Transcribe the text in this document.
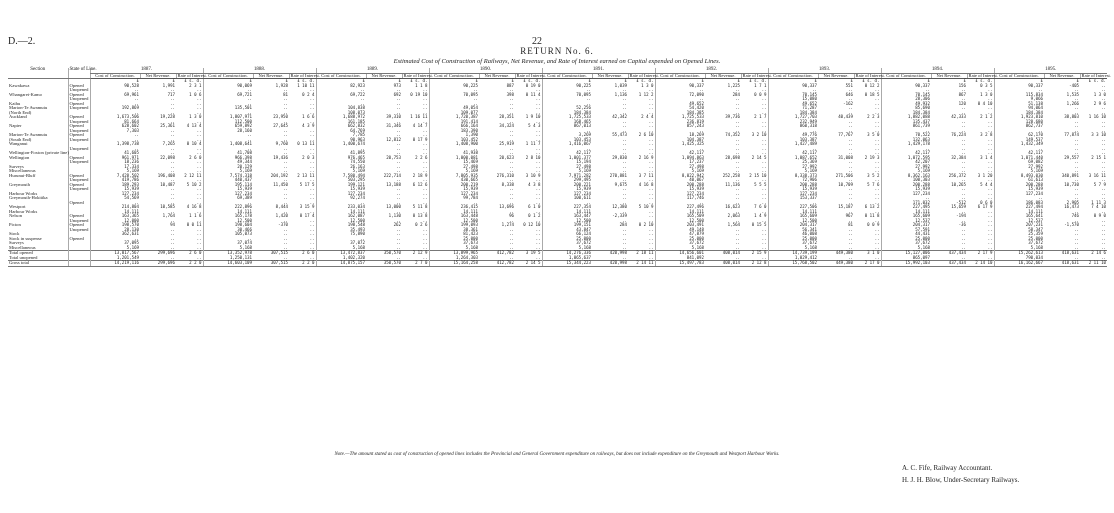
D.—2.	22
RETURN No. 6.
Estimated Cost of Construction of Railways, Net Revenue, and Rate of Interest earned on Capital expended on Opened Lines.
Section	State of Line.	1887.			1888.			1889.			1890.			1891.			1892.			1893.			1894.			1895.		
		Cost of Construction.	Net Revenue.	Rate of Interest.	Cost of Construction.	Net Revenue.	Rate of Interest.	Cost of Construction.	Net Revenue.	Rate of Interest.	Cost of Construction.	Net Revenue.	Rate of Interest.	Cost of Construction.	Net Revenue.	Rate of Interest.	Cost of Construction.	Net Revenue.	Rate of Interest.	Cost of Construction.	Net Revenue.	Rate of Interest.	Cost of Construction.	Net Revenue.	Rate of Interest.	Cost of Construction.	Net Revenue.	Rate of Interest.
		£	£	£ s. d.	£	£	£ s. d.	£	£	£ s. d.	£	£	£ s. d.	£	£	£ s. d.	£	£	£ s. d.	£	£	£ s. d.	£	£	£ s. d.	£	£	£ s. d.
Kawakawa	Opened	90,528	1,991	2 3 1	90,069	1,928	1 10 11	82,923	973	1 1 8	90,225	887	0 19 0	90,225	1,039	1 3 0	90,337	1,225	1 7 1	90,337	551	0 12 2	90,337	156	0 3 5	90,337	-405	..
	Unopened	..	..	..	..	..	..	..	..	..	..	..	..	..	..	..	..	..	..	..	..	..	..	..	..	..	..	..
Whangarei-Kamo	Opened	69,961	717	1 0 6	69,721	81	0 2 4	69,722	692	0 19 10	70,095	398	0 11 4	70,095	1,136	1 12 2	72,090	284	0 0 9	70,145	646	0 18 5	70,145	867	1 3 0	115,834	1,535	1 3 0
	Unopened	..	..	..	..	..	..	..	..	..	..	..	..	..	..	..	..	..	..	15,080	..	..	28,306	..	..	9,066	..	..
Kaihu	Opened	..	..	..	..	..	..	..	..	..	..	..	..	..	..	..	49,652	..	..	49,652	-162	..	49,932	120	0 4 10	51,138	1,266	2 9 6
Marton-Te Awamutu	Unopened	192,869	..	..	135,501	..	..	104,838	..	..	49,054	..	..	52,256	..	..	54,420	..	..	71,287	..	..	85,690	..	..	94,064	..	..
(North End)		..	..	..	..	..	..	108,073	..	..	109,077	..	..	184,384	..	..	184,385	..	..	184,384	..	..	184,384	..	..	184,384	..	..
Auckland	Opened	1,673,506	19,228	1 3 0	1,807,971	23,950	1 6 6	1,688,972	39,310	1 16 11	1,720,387	28,351	1 9 10	1,725,533	42,342	2 4 4	1,725,533	39,736	2 1 7	1,727,703	40,439	2 2 3	1,882,088	42,333	2 1 2	1,923,810	38,803	1 16 10
	Unopened	81,664	..	..	112,500	..	..	161,185	..	..	191,414	..	..	168,465	..	..	236,819	..	..	232,949	..	..	135,437	..	..	128,680	..	..
Napier	Opened	628,602	25,361	4 13 4	659,892	27,645	4 3 9	662,832	31,346	4 14 7	666,164	34,324	5 4 3	867,013	..	..	857,243	..	..	860,318	..	..	861,739	..	..	862,737	..	..
	Unopened	7,303	..	..	28,160	..	..	64,769	..	..	183,390	..	..	..	..	..	..	..	..	..	..	..	..	..	..	..	..	..
Marton-Te Awamutu	Opened	..	..	..	..	..	..	7,785	..	..	1,390	..	..	3,269	55,473	2 6 10	18,269	74,352	3 2 10	49,776	77,767	3 5 0	70,522	76,224	3 2 8	62,170	77,874	3 3 10
(South End)	Unopened	..	..	..	..	..	..	90,963	12,812	0 17 9	103,452	..	..	103,453	..	..	104,387	..	..	103,387	..	..	132,063	..	..	149,537	..	..
Wanganui		1,398,738	7,265	0 10 4	1,408,641	9,760	0 13 11	1,400,674	..	..	1,408,900	25,919	1 11 7	1,416,067	..	..	1,425,325	..	..	1,427,489	..	..	1,429,178	..	..	1,432,349	..	..
	Unopened	..	..	..	..	..	..	..	..	..	..	..	..	..	..	..	..	..	..	..	..	..	..	..	..	..	..	..
Wellington-Foxton (private line)		41,605	..	..	41,708	..	..	41,895	..	..	41,938	..	..	42,117	..	..	42,117	..	..	42,117	..	..	42,117	..	..	42,117	..	..
Wellington	Opened	961,971	22,098	2 6 0	966,398	19,436	2 0 3	976,465	20,753	2 2 6	1,000,081	20,623	2 8 10	1,001,377	29,830	2 16 9	1,094,863	28,698	2 14 5	1,087,652	31,008	2 19 3	1,072,595	32,384	3 1 4	1,071,440	29,557	2 15 1
	Unopened	18,236	..	..	49,344	..	..	74,550	..	..	15,469	..	..	15,194	..	..	17,237	..	..	25,369	..	..	42,207	..	..	69,082	..	..
Surveys		17,334	..	..	20,129	..	..	26,163	..	..	27,498	..	..	27,498	..	..	27,498	..	..	27,992	..	..	27,992	..	..	27,992	..	..
Miscellaneous		5,169	..	..	5,169	..	..	5,169	..	..	5,169	..	..	5,169	..	..	5,169	..	..	5,169	..	..	5,169	..	..	5,169	..	..
Hurunui-Bluff	Opened	7,428,502	196,408	2 12 11	7,574,318	204,192	2 13 11	7,580,494	222,714	2 18 9	7,805,935	276,310	3 10 9	7,971,282	270,881	3 7 11	8,022,942	252,258	2 15 10	8,338,373	271,506	3 5 2	8,362,163	256,372	3 1 20	8,493,030	340,891	3 16 11
	Unopened	419,786	..	..	440,437	..	..	503,295	..	..	430,665	..	..	299,495	..	..	40,067	..	..	72,906	..	..	100,303	..	..	61,613	..	..
Greymouth	Opened	189,293	10,487	5 10 2	195,114	11,450	5 17 5	199,121	13,188	6 12 6	200,219	8,338	4 3 8	200,221	9,675	4 16 8	200,288	11,136	5 5 5	200,288	10,709	5 7 6	200,288	10,265	5 4 4	200,288	10,730	5 7 9
	Unopened	15,939	..	..	15,939	..	..	15,939	..	..	15,939	..	..	15,939	..	..	15,939	..	..	15,939	..	..	15,939	..	..	15,939	..	..
Harbour Works		127,234	..	..	127,234	..	..	127,234	..	..	127,234	..	..	127,234	..	..	127,234	..	..	127,234	..	..	127,234	..	..	127,234	..	..
Greymouth-Hokitika		54,569	..	..	69,389	..	..	92,274	..	..	99,784	..	..	100,611	..	..	117,746	..	..	153,337	..	..	..	..	..	..	..	..
	Opened	..	..	..	..	..	..	..	..	..	..	..	..	..	..	..	..	..	..	..	..	..	171,032	-512	0 6 0	186,083	2,905	1 11 3
Westport		214,804	10,585	4 16 8	222,896	8,444	3 15 9	233,034	13,000	5 11 8	236,415	13,696	6 1 0	227,354	12,380	5 10 9	227,496	16,623	7 6 0	227,506	15,187	6 13 2	227,495	15,659	6 17 9	227,494	16,473	7 4 10
Harbour Works		14,111	..	..	14,111	..	..	14,111	..	..	14,111	..	..	14,111	..	..	14,111	..	..	14,111	..	..	14,111	..	..	14,111	..	..
Nelson	Opened	163,365	1,764	1 1 6	165,178	1,420	0 17 4	162,087	1,130	0 13 8	163,448	96	0 1 2	163,447	-2,339	..	165,509	2,063	1 4 9	165,609	967	0 11 8	165,609	-194	..	165,641	746	0 9 0
	Unopened	12,000	..	..	12,500	..	..	12,500	..	..	12,500	..	..	12,500	..	..	12,500	..	..	12,500	..	..	12,537	..	..	12,537	..	..
Picton	Opened	198,570	94	0 0 11	198,604	-370	..	198,548	262	0 2 6	199,093	1,274	0 12 10	199,151	284	0 2 10	203,491	1,564	0 15 5	204,317	81	0 0 9	204,317	-36	..	207,231	-1,570	..
	Unopened	28,130	..	..	30,466	..	..	35,493	..	..	38,361	..	..	43,847	..	..	49,148	..	..	56,341	..	..	57,591	..	..	58,347	..	..
Stock		362,631	..	..	105,073	..	..	75,890	..	..	81,423	..	..	66,124	..	..	47,879	..	..	46,008	..	..	44,431	..	..	25,359	..	..
Stock in suspense	Opened	..	..	..	..	..	..	..	..	..	25,000	..	..	25,000	..	..	25,000	..	..	25,000	..	..	25,000	..	..	25,000	..	..
Surveys		37,095	..	..	37,074	..	..	37,072	..	..	37,673	..	..	37,672	..	..	37,672	..	..	37,672	..	..	37,672	..	..	37,672	..	..
Miscellaneous		5,169	..	..	5,168	..	..	5,168	..	..	5,168	..	..	5,168	..	..	5,168	..	..	5,168	..	..	5,168	..	..	5,168	..	..
Total opened		13,017,567	299,696	2 6 0	13,352,978	307,515	2 6 0	13,472,837	350,570	2 12 9	13,899,965	412,782	3 19 5	14,276,336	420,998	2 18 11	14,656,601	408,014	2 15 9	14,739,199	449,380	3 1 0	15,127,006	437,434	2 17 9	15,262,613	418,631	2 14 6
Total unopened		1,201,549	..	..	1,250,131	..	..	1,402,320	..	..	1,264,303	..	..	1,065,637	..	..	841,092	..	..	1,029,412	..	..	865,097	..	..	790,034	..	..
Gross total		14,219,116	299,696	2 2 0	14,603,109	307,515	2 2 0	14,875,157	350,570	2 7 0	15,164,258	412,782	2 14 5	15,344,223	420,998	2 14 11	15,497,783	408,014	2 12 8	15,768,502	449,380	2 17 0	15,992,103	437,434	2 14 10	16,162,667	418,631	2 11 10
Note.—The amount stated as cost of construction of opened lines includes the Provincial and General Government expenditure on railways, but does not include expenditure on the Greymouth and Westport Harbour Works.
A. C. Fife, Railway Accountant.
H. J. H. Blow, Under-Secretary Railways.
